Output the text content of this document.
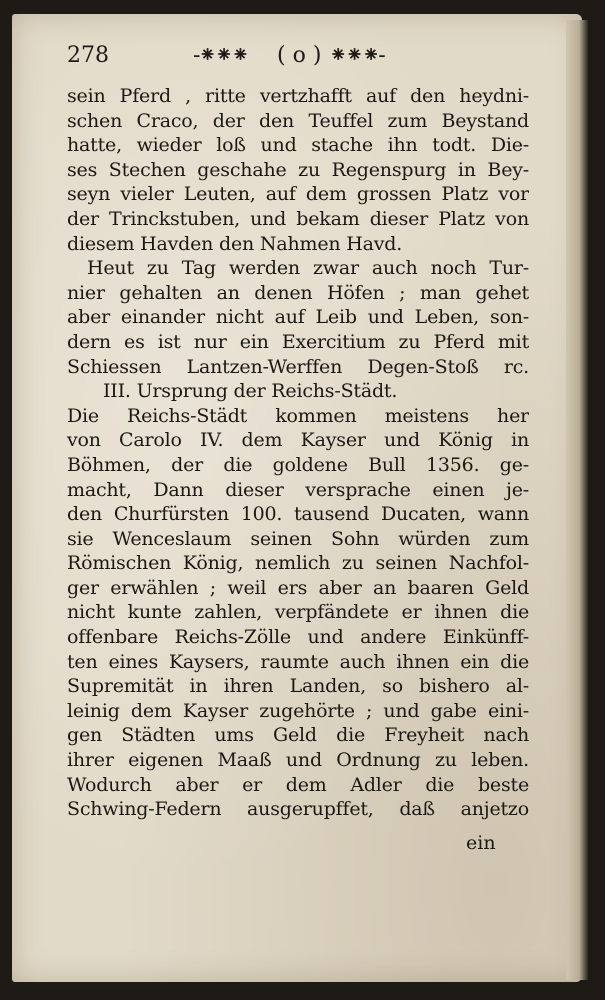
278	-⁕⁕⁕ ( o ) ⁕⁕⁕-
sein Pferd , ritte vertzhafft auf den heydni-
schen Craco, der den Teuffel zum Beystand
hatte, wieder loß und stache ihn todt. Die-
ses Stechen geschahe zu Regenspurg in Bey-
seyn vieler Leuten, auf dem grossen Platz vor
der Trinckstuben, und bekam dieser Platz von
diesem Havden den Nahmen Havd.
Heut zu Tag werden zwar auch noch Tur-
nier gehalten an denen Höfen ; man gehet
aber einander nicht auf Leib und Leben, son-
dern es ist nur ein Exercitium zu Pferd mit
Schiessen Lantzen-Werffen Degen-Stoß rc.
III. Ursprung der Reichs-Städt.
Die Reichs-Städt kommen meistens her
von Carolo IV. dem Kayser und König in
Böhmen, der die goldene Bull 1356. ge-
macht, Dann dieser versprache einen je-
den Churfürsten 100. tausend Ducaten, wann
sie Wenceslaum seinen Sohn würden zum
Römischen König, nemlich zu seinen Nachfol-
ger erwählen ; weil ers aber an baaren Geld
nicht kunte zahlen, verpfändete er ihnen die
offenbare Reichs-Zölle und andere Einkünff-
ten eines Kaysers, raumte auch ihnen ein die
Supremität in ihren Landen, so bishero al-
leinig dem Kayser zugehörte ; und gabe eini-
gen Städten ums Geld die Freyheit nach
ihrer eigenen Maaß und Ordnung zu leben.
Wodurch aber er dem Adler die beste
Schwing-Federn ausgerupffet, daß anjetzo
ein
